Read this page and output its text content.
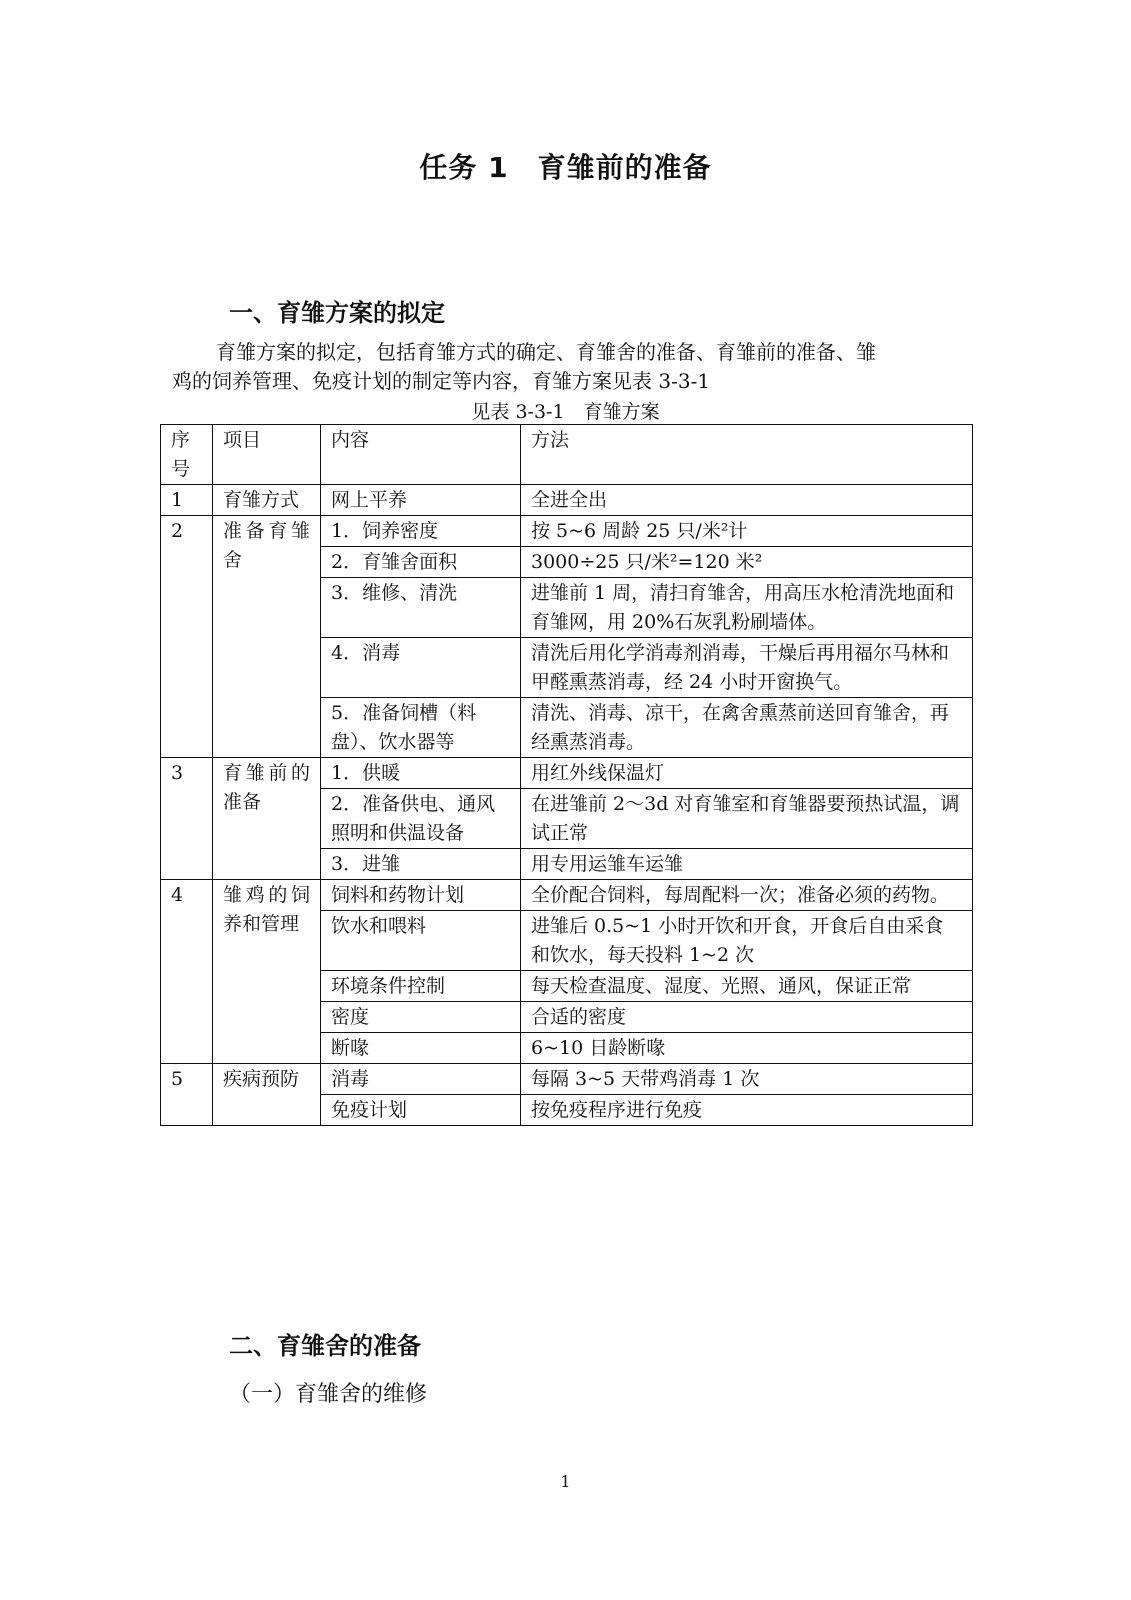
任务 1　育雏前的准备
一、育雏方案的拟定
育雏方案的拟定，包括育雏方式的确定、育雏舍的准备、育雏前的准备、雏
鸡的饲养管理、免疫计划的制定等内容，育雏方案见表 3-3-1
见表 3-3-1　育雏方案
序号	项目	内容	方法
1	育雏方式	网上平养	全进全出
2	准备育雏舍	1．饲养密度	按 5~6 周龄 25 只/米²计
		2．育雏舍面积	3000÷25 只/米²=120 米²
		3．维修、清洗	进雏前 1 周，清扫育雏舍，用高压水枪清洗地面和育雏网，用 20%石灰乳粉刷墙体。
		4．消毒	清洗后用化学消毒剂消毒，干燥后再用福尔马林和甲醛熏蒸消毒，经 24 小时开窗换气。
		5．准备饲槽（料盘）、饮水器等	清洗、消毒、凉干，在禽舍熏蒸前送回育雏舍，再经熏蒸消毒。
3	育雏前的准备	1．供暖	用红外线保温灯
		2．准备供电、通风照明和供温设备	在进雏前 2～3d 对育雏室和育雏器要预热试温，调试正常
		3．进雏	用专用运雏车运雏
4	雏鸡的饲养和管理	饲料和药物计划	全价配合饲料，每周配料一次；准备必须的药物。
		饮水和喂料	进雏后 0.5~1 小时开饮和开食，开食后自由采食和饮水，每天投料 1~2 次
		环境条件控制	每天检查温度、湿度、光照、通风，保证正常
		密度	合适的密度
		断喙	6~10 日龄断喙
5	疾病预防	消毒	每隔 3~5 天带鸡消毒 1 次
		免疫计划	按免疫程序进行免疫
二、育雏舍的准备
（一）育雏舍的维修
1
